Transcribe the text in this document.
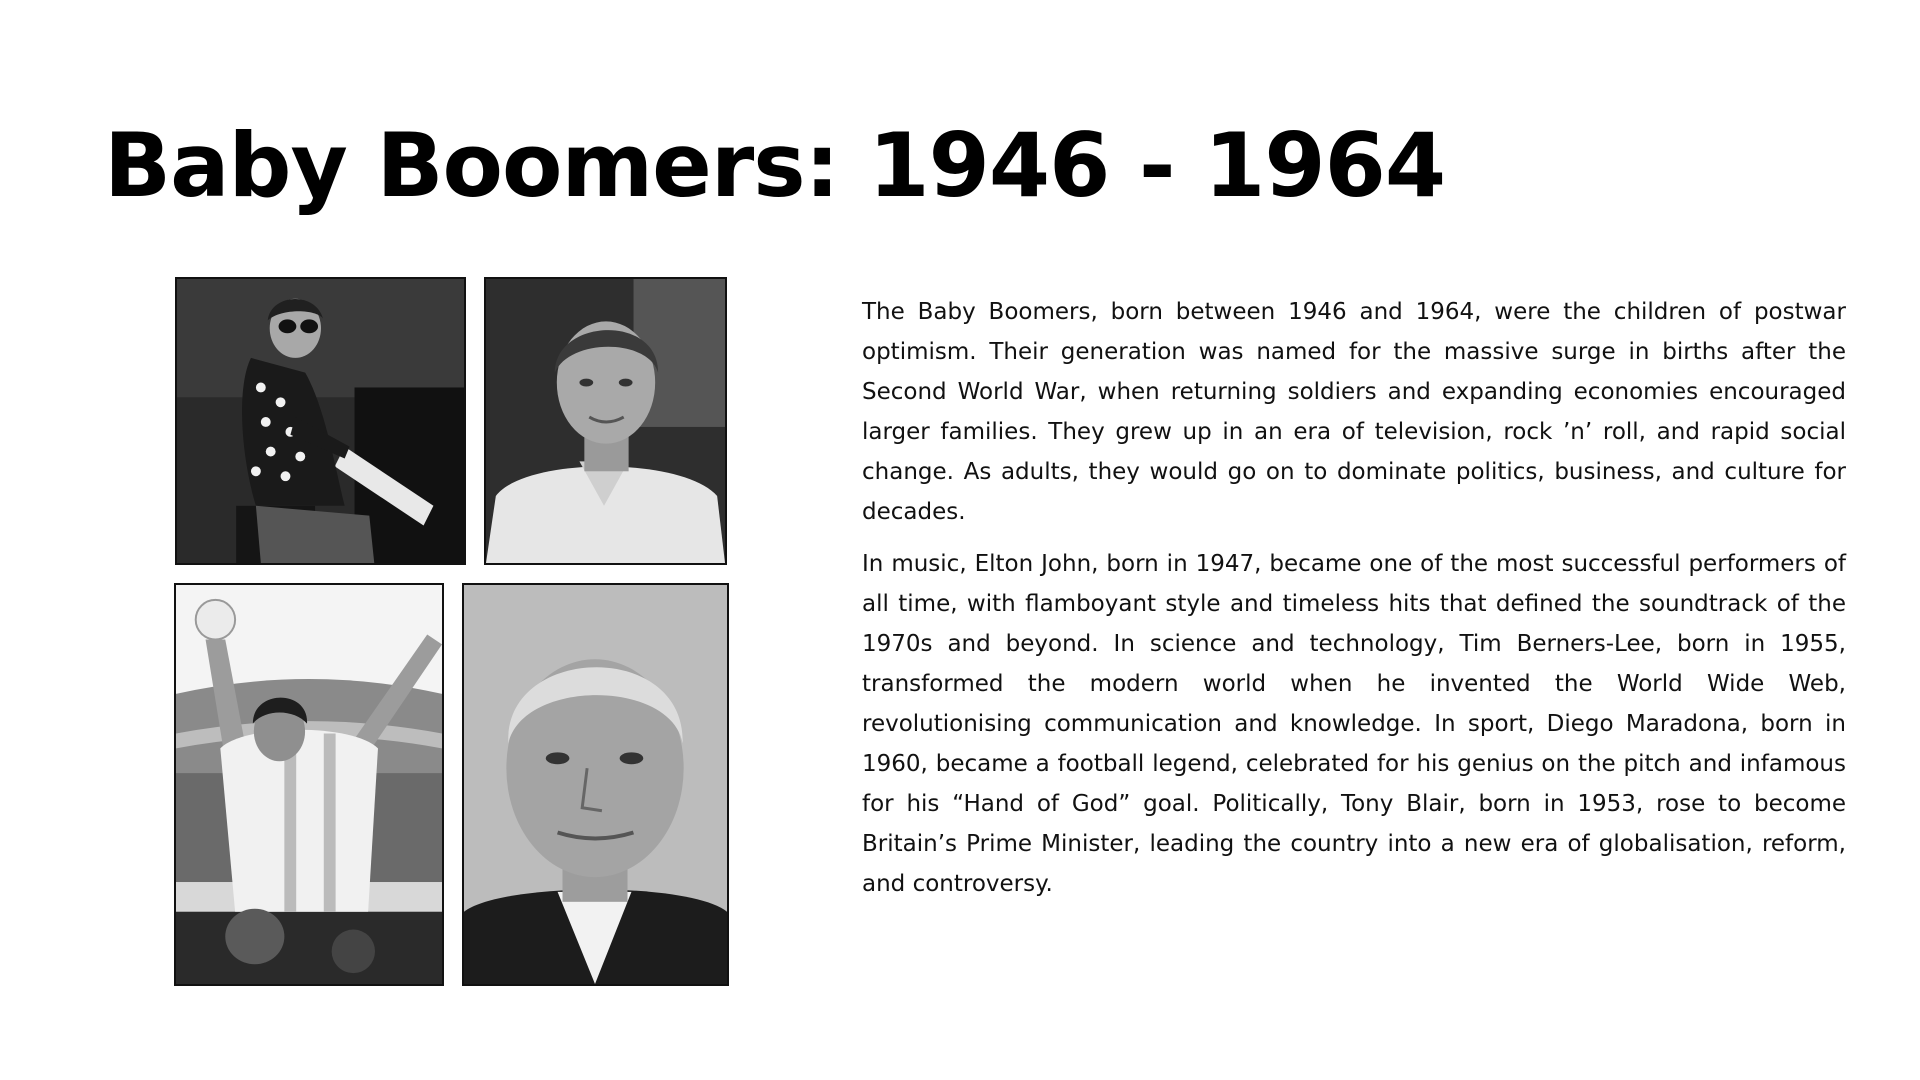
Baby Boomers: 1946 - 1964

The Baby Boomers, born between 1946 and 1964, were the children of postwar optimism. Their generation was named for the massive surge in births after the Second World War, when returning soldiers and expanding economies encouraged larger families. They grew up in an era of television, rock ’n’ roll, and rapid social change. As adults, they would go on to dominate politics, business, and culture for decades.

In music, Elton John, born in 1947, became one of the most successful performers of all time, with flamboyant style and timeless hits that defined the soundtrack of the 1970s and beyond. In science and technology, Tim Berners-Lee, born in 1955, transformed the modern world when he invented the World Wide Web, revolutionising communication and knowledge. In sport, Diego Maradona, born in 1960, became a football legend, celebrated for his genius on the pitch and infamous for his “Hand of God” goal. Politically, Tony Blair, born in 1953, rose to become Britain’s Prime Minister, leading the country into a new era of globalisation, reform, and controversy.
